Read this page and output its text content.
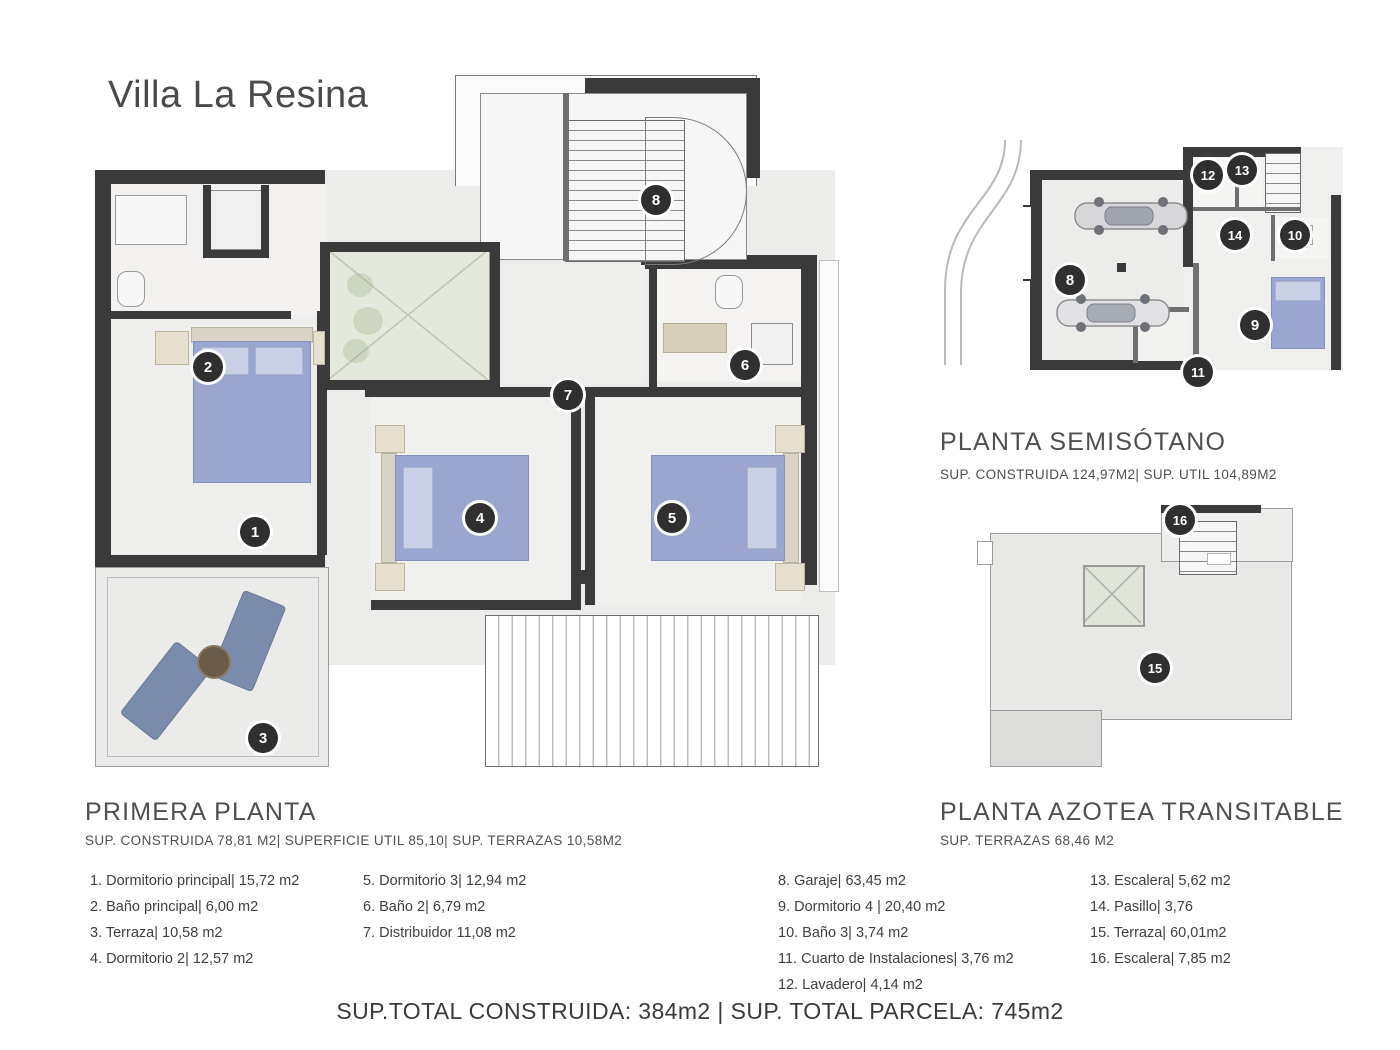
Villa La Resina
1
2
3
4	5
6
7
8
PRIMERA PLANTA
SUP. CONSTRUIDA 78,81 M2| SUPERFICIE UTIL 85,10| SUP. TERRAZAS 10,58M2
8
9
10
11
12	13
14
PLANTA SEMISÓTANO
SUP. CONSTRUIDA 124,97M2| SUP. UTIL 104,89M2
15
16
PLANTA AZOTEA TRANSITABLE
SUP. TERRAZAS 68,46 M2
1. Dormitorio principal| 15,72 m2
2. Baño principal| 6,00 m2
3. Terraza| 10,58 m2
4. Dormitorio 2| 12,57 m2
5. Dormitorio 3| 12,94 m2
6. Baño 2| 6,79 m2
7. Distribuidor 11,08 m2
8. Garaje| 63,45 m2
9. Dormitorio 4 | 20,40 m2
10. Baño 3| 3,74 m2
11. Cuarto de Instalaciones| 3,76 m2
12. Lavadero| 4,14 m2
13. Escalera| 5,62 m2
14. Pasillo| 3,76
15. Terraza| 60,01m2
16. Escalera| 7,85 m2
SUP.TOTAL CONSTRUIDA: 384m2 | SUP. TOTAL PARCELA: 745m2
